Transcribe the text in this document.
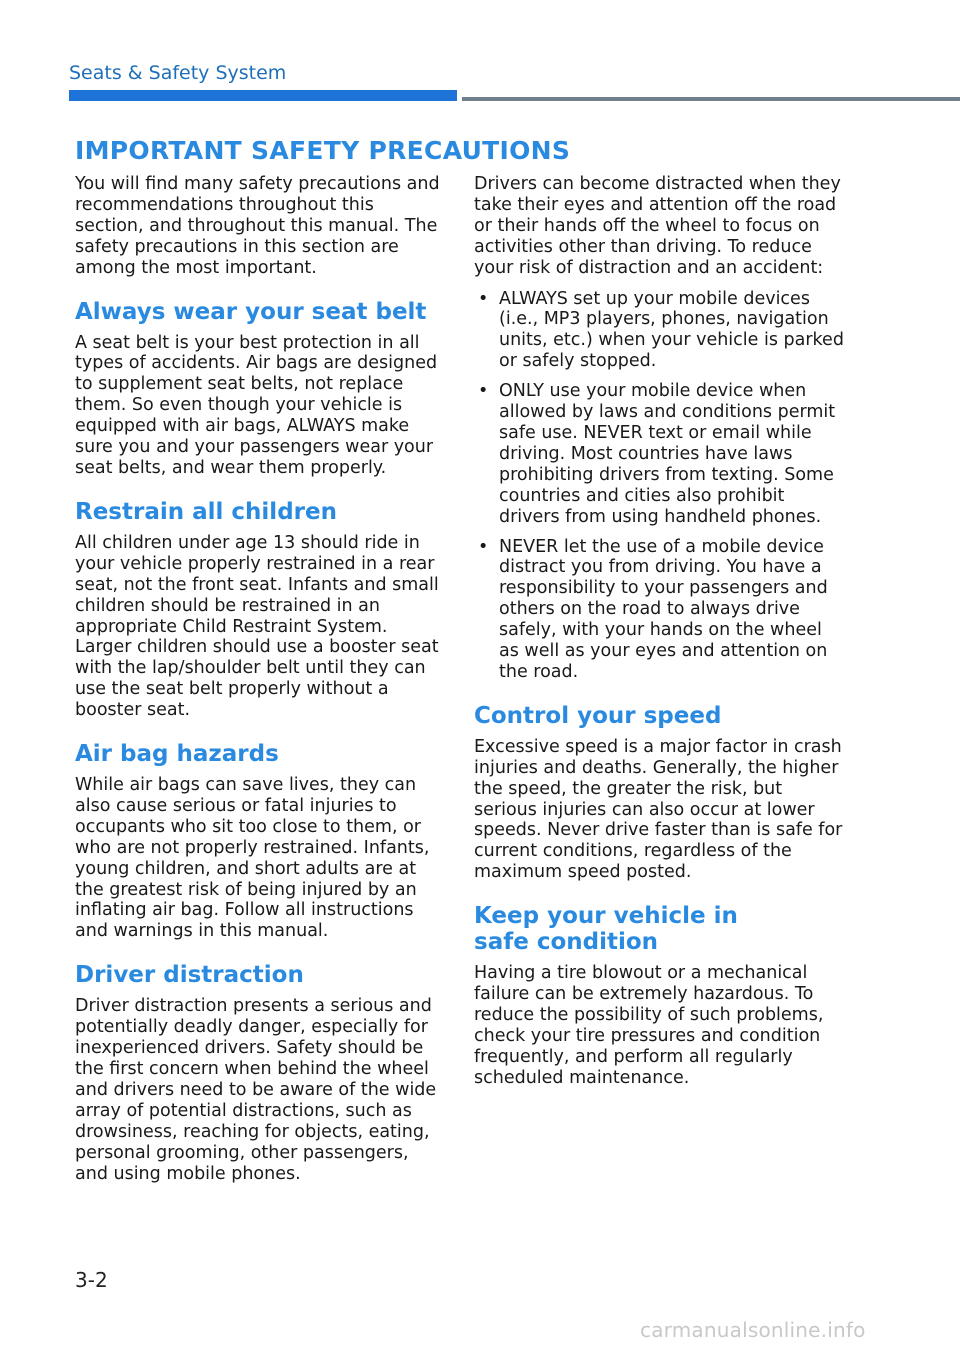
Seats & Safety System
IMPORTANT SAFETY PRECAUTIONS

You will find many safety precautions and recommendations throughout this section, and throughout this manual. The safety precautions in this section are among the most important.

Always wear your seat belt

A seat belt is your best protection in all types of accidents. Air bags are designed to supplement seat belts, not replace them. So even though your vehicle is equipped with air bags, ALWAYS make sure you and your passengers wear your seat belts, and wear them properly.

Restrain all children

All children under age 13 should ride in your vehicle properly restrained in a rear seat, not the front seat. Infants and small children should be restrained in an appropriate Child Restraint System. Larger children should use a booster seat with the lap/shoulder belt until they can use the seat belt properly without a booster seat.

Air bag hazards

While air bags can save lives, they can also cause serious or fatal injuries to occupants who sit too close to them, or who are not properly restrained. Infants, young children, and short adults are at the greatest risk of being injured by an inflating air bag. Follow all instructions and warnings in this manual.

Driver distraction

Driver distraction presents a serious and potentially deadly danger, especially for inexperienced drivers. Safety should be the first concern when behind the wheel and drivers need to be aware of the wide array of potential distractions, such as drowsiness, reaching for objects, eating, personal grooming, other passengers, and using mobile phones.

Drivers can become distracted when they take their eyes and attention off the road or their hands off the wheel to focus on activities other than driving. To reduce your risk of distraction and an accident:

• ALWAYS set up your mobile devices (i.e., MP3 players, phones, navigation units, etc.) when your vehicle is parked or safely stopped.
• ONLY use your mobile device when allowed by laws and conditions permit safe use. NEVER text or email while driving. Most countries have laws prohibiting drivers from texting. Some countries and cities also prohibit drivers from using handheld phones.
• NEVER let the use of a mobile device distract you from driving. You have a responsibility to your passengers and others on the road to always drive safely, with your hands on the wheel as well as your eyes and attention on the road.
Control your speed

Excessive speed is a major factor in crash injuries and deaths. Generally, the higher the speed, the greater the risk, but serious injuries can also occur at lower speeds. Never drive faster than is safe for current conditions, regardless of the maximum speed posted.

Keep your vehicle in safe condition

Having a tire blowout or a mechanical failure can be extremely hazardous. To reduce the possibility of such problems, check your tire pressures and condition frequently, and perform all regularly scheduled maintenance.

3-2
carmanualsonline.info
